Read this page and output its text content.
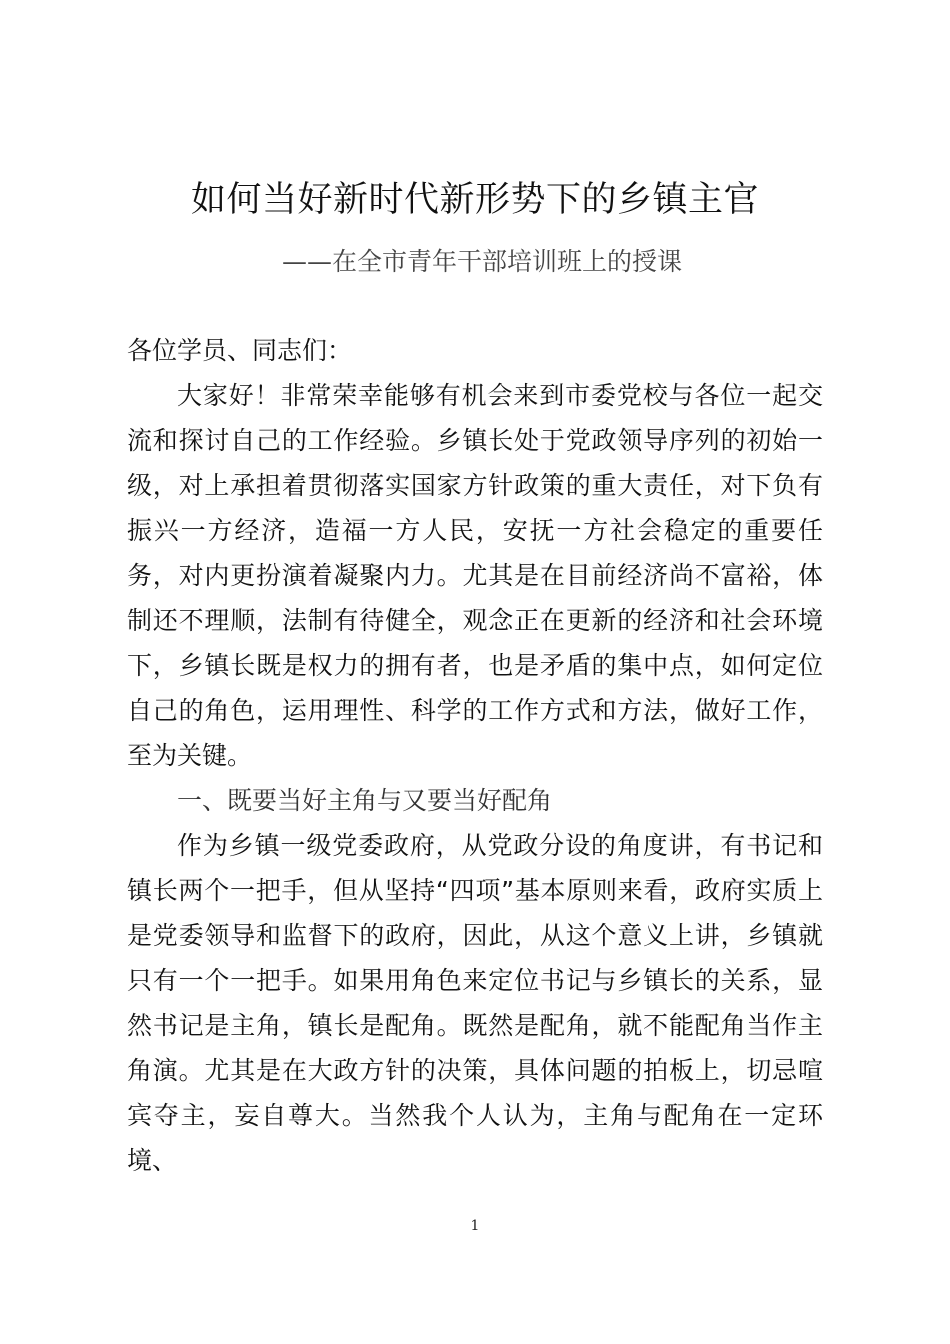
如何当好新时代新形势下的乡镇主官
——在全市青年干部培训班上的授课

各位学员、同志们：

大家好！非常荣幸能够有机会来到市委党校与各位一起交流和探讨自己的工作经验。乡镇长处于党政领导序列的初始一级，对上承担着贯彻落实国家方针政策的重大责任，对下负有振兴一方经济，造福一方人民，安抚一方社会稳定的重要任务，对内更扮演着凝聚内力。尤其是在目前经济尚不富裕，体制还不理顺，法制有待健全，观念正在更新的经济和社会环境下，乡镇长既是权力的拥有者，也是矛盾的集中点，如何定位自己的角色，运用理性、科学的工作方式和方法，做好工作，至为关键。

一、既要当好主角与又要当好配角

作为乡镇一级党委政府，从党政分设的角度讲，有书记和镇长两个一把手，但从坚持“四项”基本原则来看，政府实质上是党委领导和监督下的政府，因此，从这个意义上讲，乡镇就只有一个一把手。如果用角色来定位书记与乡镇长的关系，显然书记是主角，镇长是配角。既然是配角，就不能配角当作主角演。尤其是在大政方针的决策，具体问题的拍板上，切忌喧宾夺主，妄自尊大。当然我个人认为，主角与配角在一定环境、

1
